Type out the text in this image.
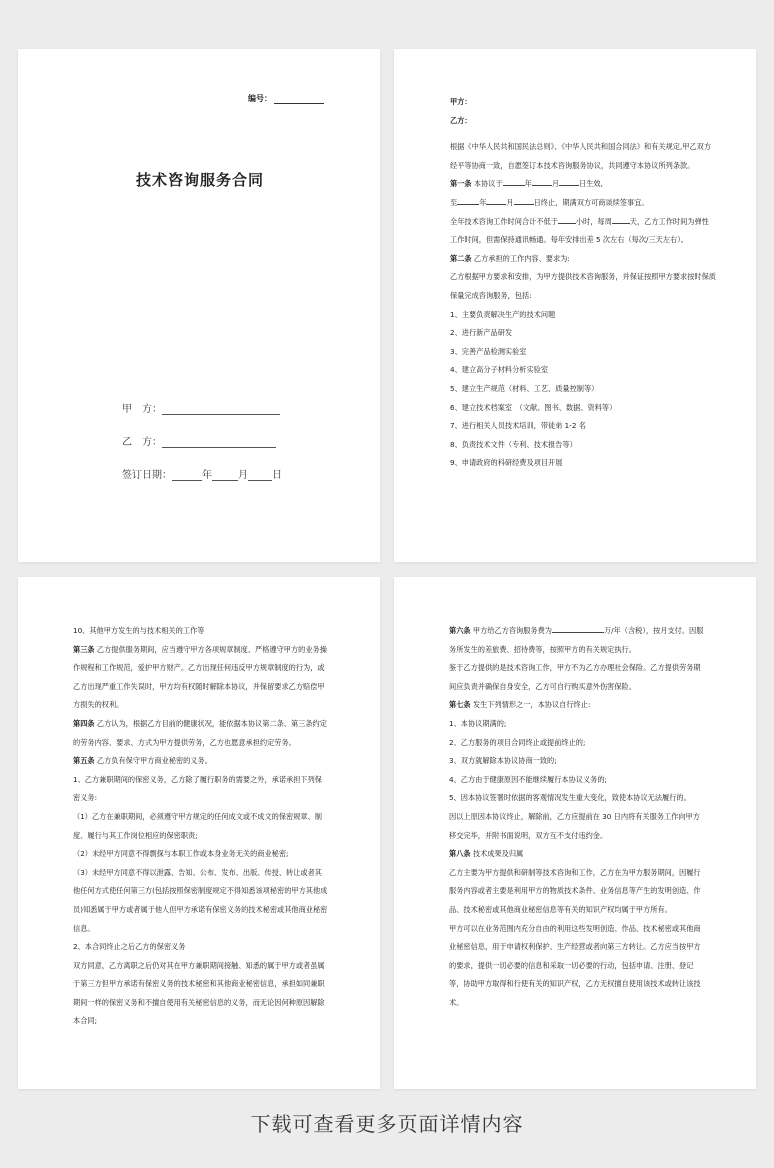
编号：
技术咨询服务合同
甲　方：
乙　方：
签订日期：	年	月 日

甲方：

乙方：

根据《中华人民共和国民法总则》、《中华人民共和国合同法》和有关规定,甲乙双方经平等协商一致，自愿签订本技术咨询服务协议，共同遵守本协议所列条款。

第一条 本协议于	年	月	日生效,

至	年	月	日终止，期满双方可商谈续签事宜。

全年技术咨询工作时间合计不低于	小时，每周	天，乙方工作时间为弹性工作时间，但需保持通讯畅通。每年安排出差 5 次左右（每次/三天左右）。

第二条 乙方承担的工作内容、要求为:

乙方根据甲方要求和安排，为甲方提供技术咨询服务，并保证按照甲方要求按时保质保量完成咨询服务，包括:

1、主要负责解决生产的技术问题

2、进行新产品研发

3、完善产品检测实验室

4、建立高分子材料分析实验室

5、建立生产规范（材料、工艺、质量控制等）

6、建立技术档案室　（文献、图书、数据、资料等）

7、进行相关人员技术培训，带徒弟 1-2 名

8、负责技术文件（专利、技术报告等）

9、申请政府的科研经费及项目开展

10、其他甲方发生的与技术相关的工作等

第三条 乙方提供服务期间，应当遵守甲方各项规章制度、严格遵守甲方的业务操作规程和工作规范，爱护甲方财产。乙方出现任何违反甲方规章制度的行为，或乙方出现严重工作失误时，甲方均有权随时解除本协议，并保留要求乙方赔偿甲方损失的权利。

第四条 乙方认为，根据乙方目前的健康状况，能依据本协议第二条、第三条约定的劳务内容、要求、方式为甲方提供劳务，乙方也愿意承担约定劳务。

第五条 乙方负有保守甲方商业秘密的义务。

1、乙方兼职期间的保密义务，乙方除了履行职务的需要之外，承诺承担下列保密义务:

（1）乙方在兼职期间，必须遵守甲方规定的任何成文或不成文的保密规章、制度、履行与其工作岗位相应的保密职责;

（2）未经甲方同意不得剽探与本职工作或本身业务无关的商业秘密;

（3）未经甲方同意不得以泄露、告知、公布、发布、出版、传授、转让或者其他任何方式使任何第三方(包括按照保密制度规定不得知悉该项秘密的甲方其他成员)知悉属于甲方或者属于他人但甲方承诺有保密义务的技术秘密或其他商业秘密信息。

2、本合同终止之后乙方的保密义务

双方同意，乙方离职之后仍对其在甲方兼职期间接触、知悉的属于甲方或者虽属于第三方但甲方承诺有保密义务的技术秘密和其他商业秘密信息，承担如同兼职期间一样的保密义务和不擅自使用有关秘密信息的义务，而无论因何种原因解除本合同;

第六条 甲方给乙方咨询服务费为	万/年（含税），按月支付。因服务所发生的差旅费、招待费等，按照甲方的有关规定执行。

鉴于乙方提供的是技术咨询工作，甲方不为乙方办理社会保险。乙方提供劳务期间应负责并确保自身安全，乙方可自行购买意外伤害保险。

第七条 发生下列情形之一，本协议自行终止:

1、本协议期满的;

2、乙方服务的项目合同终止或提前终止的;

3、双方就解除本协议协商一致的;

4、乙方由于健康原因不能继续履行本协议义务的;

5、因本协议签署时依据的客观情况发生重大变化，致使本协议无法履行的。

因以上原因本协议终止，解除前，乙方应提前在 30 日内将有关服务工作向甲方移交完毕，并附书面说明，双方互不支付违约金。

第八条 技术成果及归属

乙方主要为甲方提供和研制等技术咨询和工作，乙方在为甲方服务期间，因履行服务内容或者主要是利用甲方的物质技术条件、业务信息等产生的发明创造、作品、技术秘密或其他商业秘密信息等有关的知识产权均属于甲方所有。

甲方可以在业务范围内充分自由的利用这些发明创造、作品、技术秘密或其他商业秘密信息，用于申请权利保护、生产经营或者向第三方转让。乙方应当按甲方的要求，提供一切必要的信息和采取一切必要的行动，包括申请、注册、登记等，协助甲方取得和行使有关的知识产权，乙方无权擅自使用该技术或转让该技术。

下载可查看更多页面详情内容
